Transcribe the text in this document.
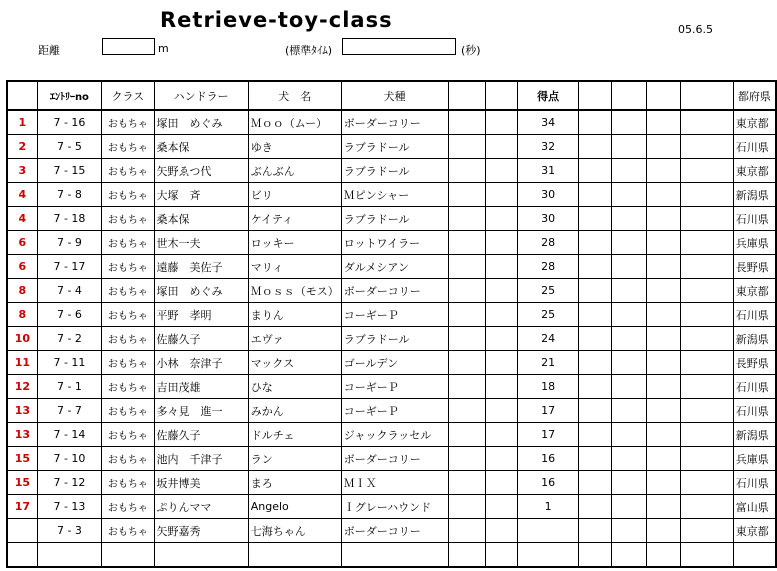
Retrieve-toy-class	05.6.5
距離	m	(標準ﾀｲﾑ)	(秒)
	ｴﾝﾄﾘｰno	クラス	ハンドラー	犬　名	犬種			得点					都府県
1	7 - 16	おもちゃ	塚田　めぐみ	Ｍｏｏ（ムー）	ボーダーコリー			34					東京都
2	7 - 5	おもちゃ	桑本保	ゆき	ラブラドール			32					石川県
3	7 - 15	おもちゃ	矢野ゑつ代	ぶんぶん	ラブラドール			31					東京都
4	7 - 8	おもちゃ	大塚　斉	ビリ	Ｍピンシャー			30					新潟県
4	7 - 18	おもちゃ	桑本保	ケイティ	ラブラドール			30					石川県
6	7 - 9	おもちゃ	世木一夫	ロッキー	ロットワイラー			28					兵庫県
6	7 - 17	おもちゃ	遠藤　美佐子	マリィ	ダルメシアン			28					長野県
8	7 - 4	おもちゃ	塚田　めぐみ	Ｍｏｓｓ（モス）	ボーダーコリー			25					東京都
8	7 - 6	おもちゃ	平野　孝明	まりん	コーギーＰ			25					石川県
10	7 - 2	おもちゃ	佐藤久子	エヴァ	ラブラドール			24					新潟県
11	7 - 11	おもちゃ	小林　奈津子	マックス	ゴールデン			21					長野県
12	7 - 1	おもちゃ	吉田茂雄	ひな	コーギーＰ			18					石川県
13	7 - 7	おもちゃ	多々見　進一	みかん	コーギーＰ			17					石川県
13	7 - 14	おもちゃ	佐藤久子	ドルチェ	ジャックラッセル			17					新潟県
15	7 - 10	おもちゃ	池内　千津子	ラン	ボーダーコリー			16					兵庫県
15	7 - 12	おもちゃ	坂井博美	まろ	ＭＩＸ			16					石川県
17	7 - 13	おもちゃ	ぷりんママ	Angelo	Ｉグレーハウンド			1					富山県
	7 - 3	おもちゃ	矢野嘉秀	七海ちゃん	ボーダーコリー								東京都
